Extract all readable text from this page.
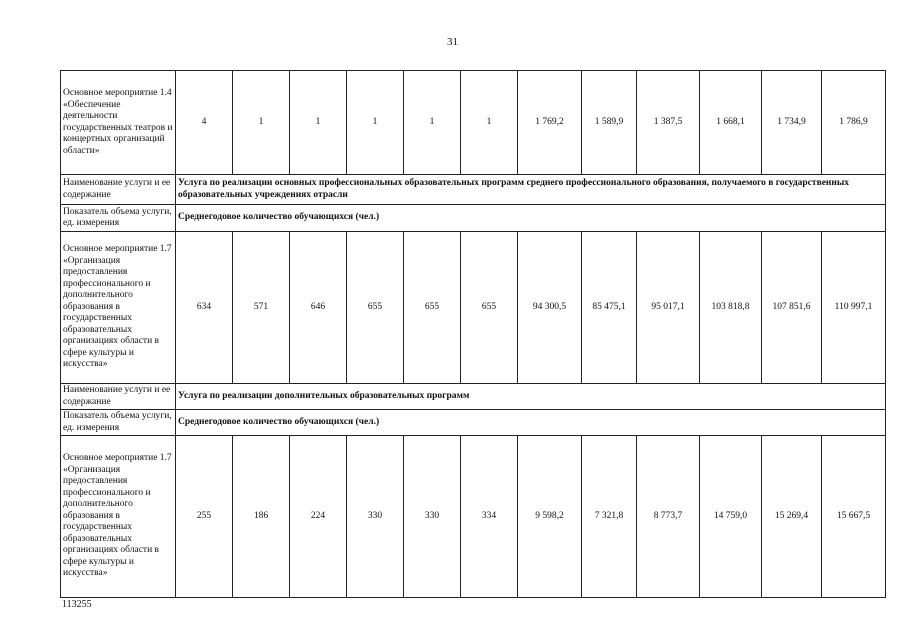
31
Основное мероприятие 1.4 «Обеспечение деятельности государственных театров и концертных организаций области»	4	1	1	1	1	1	1 769,2	1 589,9	1 387,5	1 668,1	1 734,9	1 786,9
Наименование услуги и ее содержание	Услуга по реализации основных профессиональных образовательных программ среднего профессионального образования, получаемого в государственных образовательных учреждениях отрасли											
Показатель объема услуги, ед. измерения	Среднегодовое количество обучающихся (чел.)											
Основное мероприятие 1.7 «Организация предоставления профессионального и дополнительного образования в государственных образовательных организациях области в сфере культуры и искусства»	634	571	646	655	655	655	94 300,5	85 475,1	95 017,1	103 818,8	107 851,6	110 997,1
Наименование услуги и ее содержание	Услуга по реализации дополнительных образовательных программ											
Показатель объема услуги, ед. измерения	Среднегодовое количество обучающихся (чел.)											
Основное мероприятие 1.7 «Организация предоставления профессионального и дополнительного образования в государственных образовательных организациях области в сфере культуры и искусства»	255	186	224	330	330	334	9 598,2	7 321,8	8 773,7	14 759,0	15 269,4	15 667,5
113255
